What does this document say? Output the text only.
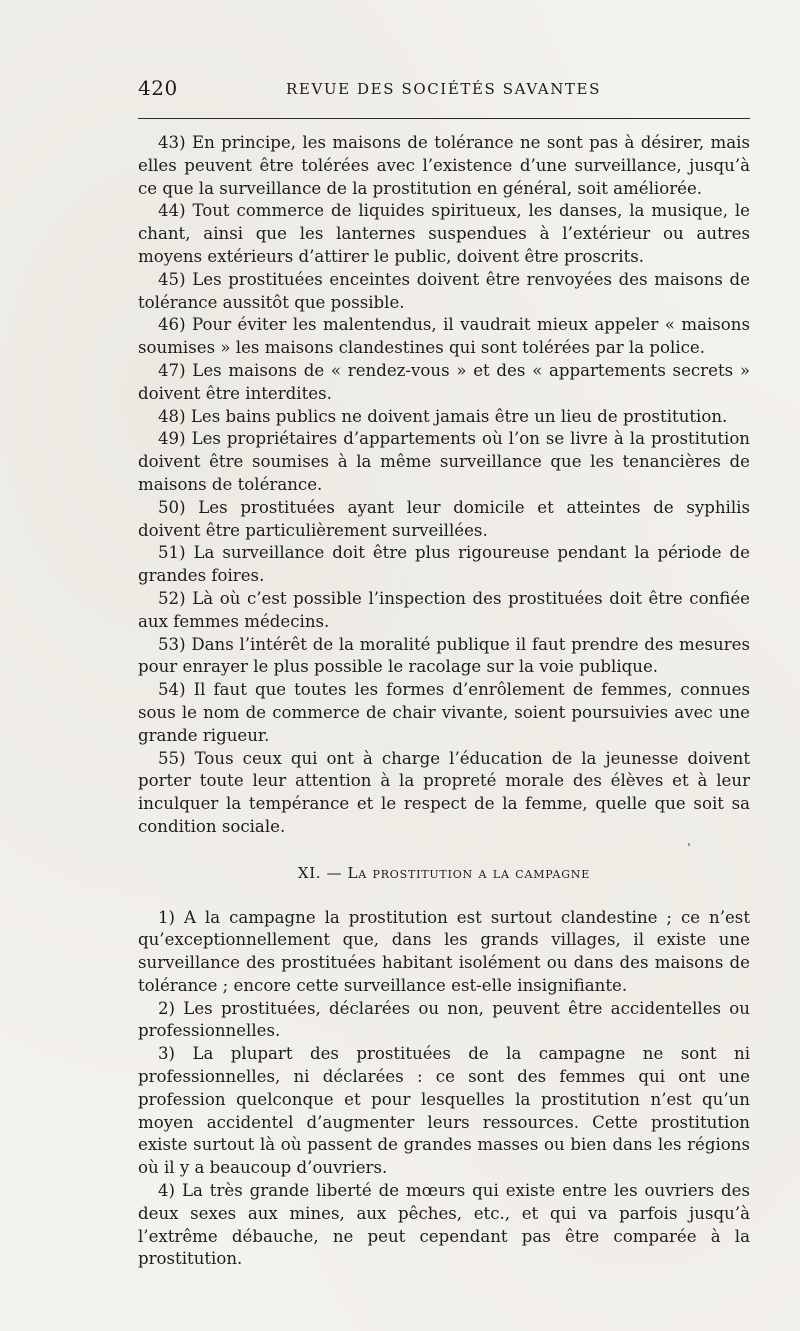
420	REVUE DES SOCIÉTÉS SAVANTES

43) En principe, les maisons de tolérance ne sont pas à désirer, mais elles peuvent être tolérées avec l’existence d’une surveillance, jusqu’à ce que la surveillance de la prostitution en général, soit améliorée.

44) Tout commerce de liquides spiritueux, les danses, la musique, le chant, ainsi que les lanternes suspendues à l’extérieur ou autres moyens extérieurs d’attirer le public, doivent être proscrits.

45) Les prostituées enceintes doivent être renvoyées des maisons de tolérance aussitôt que possible.

46) Pour éviter les malentendus, il vaudrait mieux appeler « maisons soumises » les maisons clandestines qui sont tolérées par la police.

47) Les maisons de « rendez-vous » et des « appartements secrets » doivent être interdites.

48) Les bains publics ne doivent jamais être un lieu de prostitution.

49) Les propriétaires d’appartements où l’on se livre à la prostitution doivent être soumises à la même surveillance que les tenancières de maisons de tolérance.

50) Les prostituées ayant leur domicile et atteintes de syphilis doivent être particulièrement surveillées.

51) La surveillance doit être plus rigoureuse pendant la période de grandes foires.

52) Là où c’est possible l’inspection des prostituées doit être confiée aux femmes médecins.

53) Dans l’intérêt de la moralité publique il faut prendre des mesures pour enrayer le plus possible le racolage sur la voie publique.

54) Il faut que toutes les formes d’enrôlement de femmes, connues sous le nom de commerce de chair vivante, soient poursuivies avec une grande rigueur.

55) Tous ceux qui ont à charge l’éducation de la jeunesse doivent porter toute leur attention à la propreté morale des élèves et à leur inculquer la tempérance et le respect de la femme, quelle que soit sa condition sociale.

XI. — La prostitution a la campagne

1) A la campagne la prostitution est surtout clandestine ; ce n’est qu’exceptionnellement que, dans les grands villages, il existe une surveillance des prostituées habitant isolément ou dans des maisons de tolérance ; encore cette surveillance est-elle insignifiante.

2) Les prostituées, déclarées ou non, peuvent être accidentelles ou professionnelles.

3) La plupart des prostituées de la campagne ne sont ni professionnelles, ni déclarées : ce sont des femmes qui ont une profession quelconque et pour lesquelles la prostitution n’est qu’un moyen accidentel d’augmenter leurs ressources. Cette prostitution existe surtout là où passent de grandes masses ou bien dans les régions où il y a beaucoup d’ouvriers.

4) La très grande liberté de mœurs qui existe entre les ouvriers des deux sexes aux mines, aux pêches, etc., et qui va parfois jusqu’à l’extrême débauche, ne peut cependant pas être comparée à la prostitution.
